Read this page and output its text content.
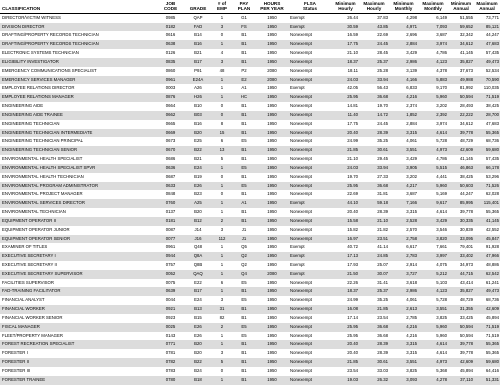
	JOB		# of	PAY	HOURS	FLSA	Minimum	Maximum	Minimum	Maximum	Minimum	Maximum
CLASSIFICATION	CODE	GRADE	EMP	PLAN	PER YEAR	Status	Hourly	Hourly	Monthly	Monthly	Annual	Annual
DIRECTOR/VICTIM WITNESS	0985	QAP	1	G1	1950	Exempt	26.44	37.83	4,298	6,149	51,555	73,771
DIVISION DIRECTOR	0182	FAD	3	FS	1950	Exempt	30.59	43.85	4,971	7,093	59,652	85,121
DRAFTING/PROPERTY RECORDS TECHNICIAN	0616	B14	0	B1	1950	Nonexempt	16.59	22.69	2,696	3,687	32,342	44,247
DRAFTING/PROPERTY RECORDS TECHNICIAN	0638	B16	1	B1	1950	Nonexempt	17.75	24.45	2,884	3,974	34,612	47,683
ELECTRONIC SYSTEMS TECHNICIAN	0126	B21	4	B1	1950	Nonexempt	21.10	28.45	3,429	4,786	41,145	57,435
ELIGIBILITY INVESTIGATOR	0835	B17	3	B1	1950	Nonexempt	18.37	25.37	2,986	4,123	35,827	49,473
EMERGENCY COMMUNICATIONS SPECIALIST	0860	P91	48	P2	2080	Nonexempt	18.11	25.28	3,139	4,378	37,673	52,534
EMERGENCY SERVICES MANAGER	0961	E24A	1	E2	2080	Nonexempt	24.03	33.94	4,166	5,883	49,988	70,590
EMPLOYEE RELATIONS DIRECTOR	0003	A26	1	A1	1950	Exempt	42.05	56.43	6,833	9,170	81,992	110,035
EMPLOYEE RELATIONS MANAGER	0876	H26	1	HC	1950	Nonexempt	25.95	36.68	4,216	5,960	50,594	71,519
ENGINEERING AIDE	0664	B10	0	B1	1950	Nonexempt	14.81	19.70	2,374	3,202	28,493	38,425
ENGINEERING AIDE TRAINEE	0662	B03	0	B1	1950	Nonexempt	11.40	14.72	1,852	2,392	22,222	28,700
ENGINEERING TECHNICIAN	0665	B16	8	B1	1950	Nonexempt	17.75	24.45	2,884	3,974	34,612	47,683
ENGINEERING TECHNICIAN INTERMEDIATE	0669	B20	15	B1	1950	Nonexempt	20.40	28.39	3,315	4,614	39,778	55,365
ENGINEERING TECHNICIAN PRINCIPAL	0673	E25	6	E5	1950	Nonexempt	24.99	35.25	4,061	5,728	48,729	68,736
ENGINEERING TECHNICIAN SENIOR	0670	B22	13	B1	1950	Nonexempt	21.85	30.61	3,551	4,973	42,609	59,680
ENVIRONMENTAL HEALTH SPECIALIST	0686	B21	5	B1	1950	Nonexempt	21.10	29.45	3,429	4,786	41,145	57,435
ENVIRONMENTAL HEALTH SPECIALIST SPVR	0636	E24	1	E5	1950	Nonexempt	24.03	33.94	3,905	5,515	46,863	66,178
ENVIRONMENTAL HEALTH TECHNICIAN	0687	B19	0	B1	1950	Nonexempt	19.70	27.33	3,202	4,441	38,425	53,296
ENVIRONMENTAL PROGRAM ADMINISTRATOR	0633	E26	1	E5	1950	Nonexempt	25.95	36.68	4,217	5,960	50,603	71,526
ENVIRONMENTAL PROJECT MANAGER	0848	B23	0	B1	1950	Nonexempt	22.69	31.81	3,687	5,169	44,247	62,028
ENVIRONMENTAL SERVICES DIRECTOR	0760	A25	1	A1	1950	Exempt	44.10	59.18	7,166	9,617	85,995	115,401
ENVIRONMENTAL TECHNICIAN	0137	B20	1	B1	1950	Nonexempt	20.40	28.39	3,315	4,614	39,778	55,365
EQUIPMENT OPERATOR II	0181	B12	2	B1	1950	Nonexempt	15.58	21.10	2,528	3,429	30,335	41,145
EQUIPMENT OPERATOR JUNIOR	0087	J14	3	J1	1950	Nonexempt	15.82	21.82	2,570	3,546	30,839	42,552
EQUIPMENT OPERATOR SENIOR	0077	J16	112	J1	1950	Nonexempt	16.97	23.51	2,758	3,820	33,095	45,847
EXAMINER OF TITLES	0961	Q48	1	Q5	1950	Exempt	40.72	41.14	6,617	7,661	79,401	91,928
EXECUTIVE SECRETARY I	0944	Q8A	1	Q2	1950	Exempt	17.13	24.85	2,783	3,997	33,402	47,966
EXECUTIVE SECRETARY II	0757	Q8B	1	Q2	1950	Exempt	17.93	25.07	2,914	4,075	34,973	48,886
EXECUTIVE SECRETARY SUPERVISOR	0052	QAQ	1	Q4	2080	Exempt	21.50	30.07	3,727	5,212	44,715	62,542
FACILITIES SUPERVISOR	0075	E22	6	E5	1950	Nonexempt	22.26	31.41	3,618	5,103	43,414	61,241
FAD-TRAINING FACILITATOR	0639	B17	1	B1	1950	Nonexempt	18.37	25.37	2,986	4,123	35,827	49,473
FINANCIAL ANALYST	0044	E24	3	E5	1950	Nonexempt	24.99	35.25	4,061	5,728	48,729	68,736
FINANCIAL WORKER	0921	B13	31	B1	1950	Nonexempt	16.08	21.85	2,613	3,551	31,355	42,609
FINANCIAL WORKER SENIOR	0923	B15	82	B1	1950	Nonexempt	17.14	23.54	2,785	3,825	33,425	45,894
FISCAL MANAGER	0025	E26	2	E5	1950	Nonexempt	25.95	36.68	4,216	5,960	50,594	71,519
FLEET/PROPERTY MANAGER	0143	E26	1	E5	1950	Nonexempt	25.95	36.68	4,216	5,960	50,594	71,519
FOREST RECREATION SPECIALIST	0771	B20	1	B1	1950	Nonexempt	20.40	28.39	3,315	4,614	39,778	55,365
FORESTER I	0781	B20	3	B1	1950	Nonexempt	20.40	28.39	3,315	4,614	39,778	55,365
FORESTER II	0782	B22	5	B1	1950	Nonexempt	21.85	30.61	3,551	4,973	42,609	59,680
FORESTER III	0783	B24	0	B1	1950	Nonexempt	23.54	33.03	3,825	5,368	45,894	64,416
FORESTER TRAINEE	0780	B18	1	B1	1950	Nonexempt	19.03	26.32	3,093	4,278	37,110	51,331
